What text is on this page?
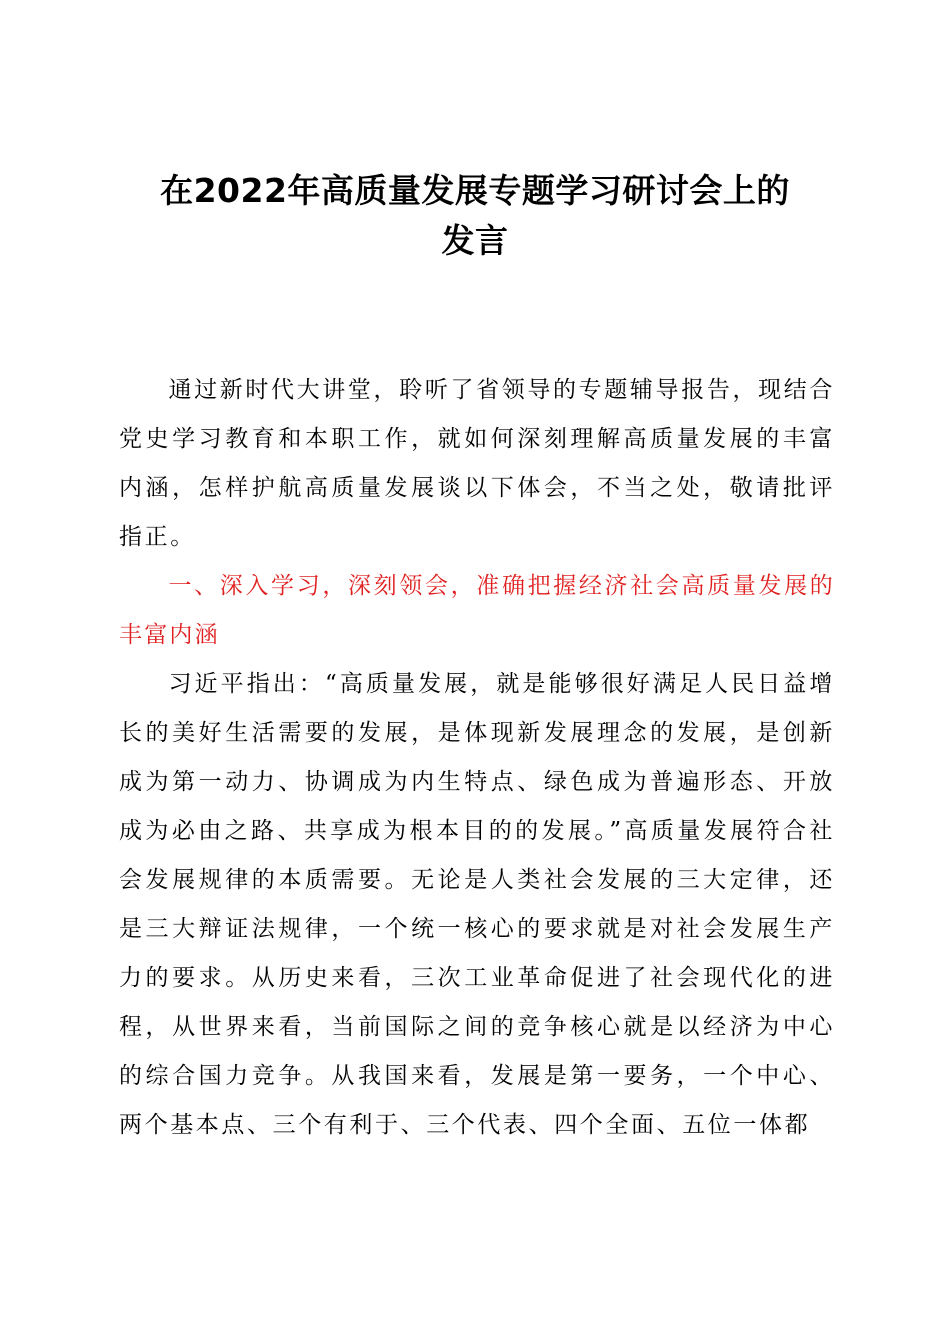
在2022年高质量发展专题学习研讨会上的
发言

通过新时代大讲堂，聆听了省领导的专题辅导报告，现结合党史学习教育和本职工作，就如何深刻理解高质量发展的丰富内涵，怎样护航高质量发展谈以下体会，不当之处，敬请批评指正。

一、深入学习，深刻领会，准确把握经济社会高质量发展的丰富内涵

习近平指出：“高质量发展，就是能够很好满足人民日益增长的美好生活需要的发展，是体现新发展理念的发展，是创新成为第一动力、协调成为内生特点、绿色成为普遍形态、开放成为必由之路、共享成为根本目的的发展。”高质量发展符合社会发展规律的本质需要。无论是人类社会发展的三大定律，还是三大辩证法规律，一个统一核心的要求就是对社会发展生产力的要求。从历史来看，三次工业革命促进了社会现代化的进程，从世界来看，当前国际之间的竞争核心就是以经济为中心的综合国力竞争。从我国来看，发展是第一要务，一个中心、两个基本点、三个有利于、三个代表、四个全面、五位一体都
